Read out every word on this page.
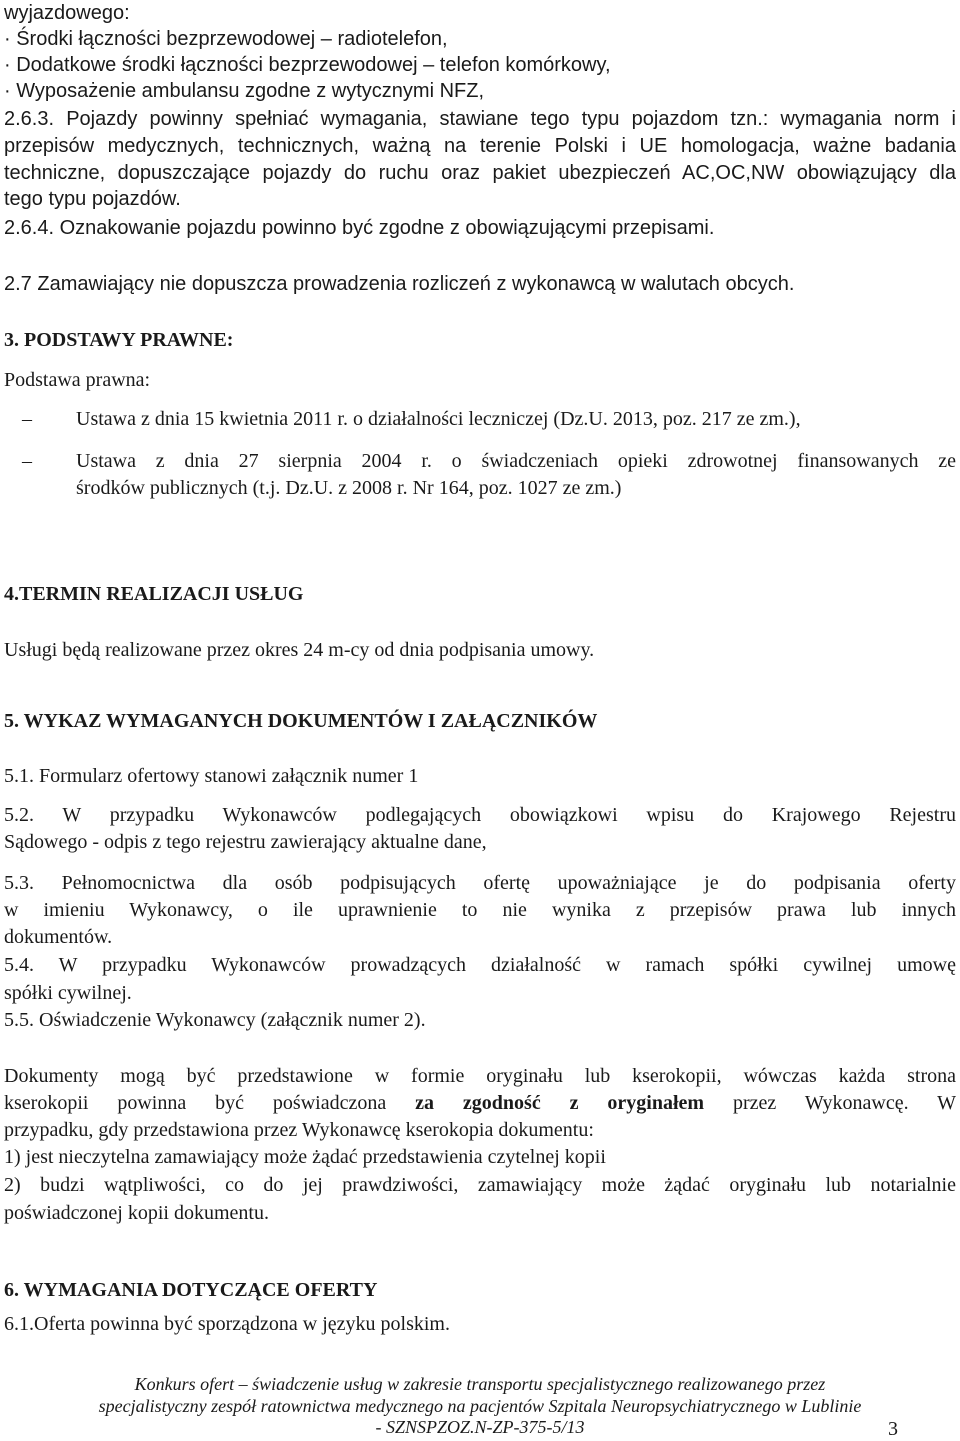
wyjazdowego:
· Środki łączności bezprzewodowej – radiotelefon,
· Dodatkowe środki łączności bezprzewodowej – telefon komórkowy,
· Wyposażenie ambulansu zgodne z wytycznymi NFZ,
2.6.3. Pojazdy powinny spełniać wymagania, stawiane tego typu pojazdom tzn.: wymagania norm i
przepisów medycznych, technicznych, ważną na terenie Polski i UE homologacja, ważne badania
techniczne, dopuszczające pojazdy do ruchu oraz pakiet ubezpieczeń AC,OC,NW obowiązujący dla
tego typu pojazdów.
2.6.4. Oznakowanie pojazdu powinno być zgodne z obowiązującymi przepisami.
2.7 Zamawiający nie dopuszcza prowadzenia rozliczeń z wykonawcą w walutach obcych.
3. PODSTAWY PRAWNE:
Podstawa prawna:
– Ustawa z dnia 15 kwietnia 2011 r. o działalności leczniczej (Dz.U. 2013, poz. 217 ze zm.),
– Ustawa z dnia 27 sierpnia 2004 r. o świadczeniach opieki zdrowotnej finansowanych ze
środków publicznych (t.j. Dz.U. z 2008 r. Nr 164, poz. 1027 ze zm.)
4.TERMIN REALIZACJI USŁUG
Usługi będą realizowane przez okres 24 m-cy od dnia podpisania umowy.
5. WYKAZ WYMAGANYCH DOKUMENTÓW I ZAŁĄCZNIKÓW
5.1. Formularz ofertowy stanowi załącznik numer 1
5.2. W przypadku Wykonawców podlegających obowiązkowi wpisu do Krajowego Rejestru
Sądowego - odpis z tego rejestru zawierający aktualne dane,
5.3. Pełnomocnictwa dla osób podpisujących ofertę upoważniające je do podpisania oferty
w imieniu Wykonawcy, o ile uprawnienie to nie wynika z przepisów prawa lub innych
dokumentów.
5.4. W przypadku Wykonawców prowadzących działalność w ramach spółki cywilnej umowę
spółki cywilnej.
5.5. Oświadczenie Wykonawcy (załącznik numer 2).
Dokumenty mogą być przedstawione w formie oryginału lub kserokopii, wówczas każda strona
kserokopii powinna być poświadczona za zgodność z oryginałem przez Wykonawcę. W
przypadku, gdy przedstawiona przez Wykonawcę kserokopia dokumentu:
1) jest nieczytelna zamawiający może żądać przedstawienia czytelnej kopii
2) budzi wątpliwości, co do jej prawdziwości, zamawiający może żądać oryginału lub notarialnie
poświadczonej kopii dokumentu.
6. WYMAGANIA DOTYCZĄCE OFERTY
6.1.Oferta powinna być sporządzona w języku polskim.
Konkurs ofert – świadczenie usług w zakresie transportu specjalistycznego realizowanego przez
specjalistyczny zespół ratownictwa medycznego na pacjentów Szpitala Neuropsychiatrycznego w Lublinie
- SZNSPZOZ.N-ZP-375-5/13	3
